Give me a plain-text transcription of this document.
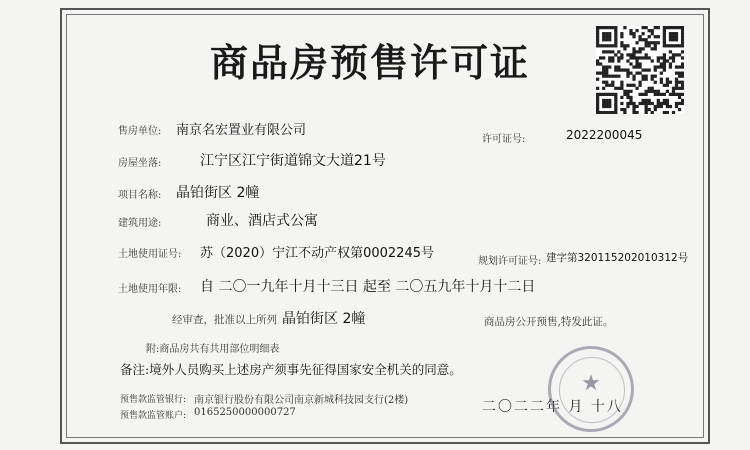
商品房预售许可证
售房单位: 南京名宏置业有限公司
许可证号:	2022200045
房屋坐落:	江宁区江宁街道锦文大道21号
项目名称: 晶铂街区 2幢
建筑用途:	商业、酒店式公寓
土地使用证号: 苏（2020）宁江不动产权第0002245号
规划许可证号: 建字第320115202010312号
土地使用年限: 自 二〇一九年十月十三日 起至 二〇五九年十月十二日
经审查，批准以上所列 晶铂街区 2幢	商品房公开预售,特发此证。
附:商品房共有共用部位明细表
备注:境外人员购买上述房产须事先征得国家安全机关的同意。
预售款监管银行: 南京银行股份有限公司南京新城科技园支行(2楼)
预售款监管账户: 0165250000000727	二〇二二年 月 十八
★
